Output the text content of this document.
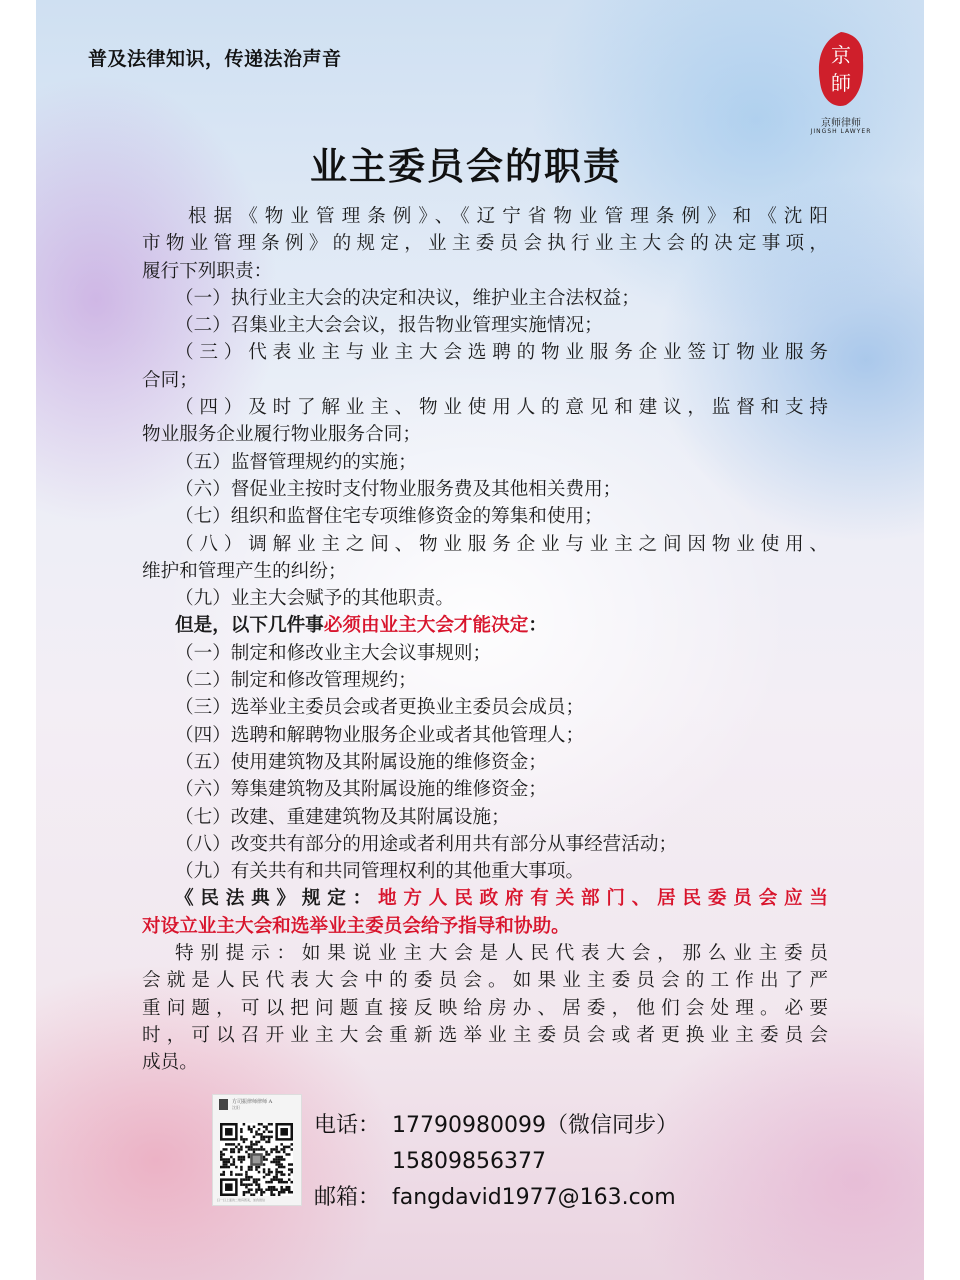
普及法律知识，传递法治声音	京
師
京师律师
JINGSH LAWYER
业主委员会的职责
根据《物业管理条例》、《辽宁省物业管理条例》和《沈阳
市物业管理条例》的规定，业主委员会执行业主大会的决定事项，
履行下列职责：
（一）执行业主大会的决定和决议，维护业主合法权益；
（二）召集业主大会会议，报告物业管理实施情况；
（三）代表业主与业主大会选聘的物业服务企业签订物业服务
合同；
（四）及时了解业主、物业使用人的意见和建议，监督和支持
物业服务企业履行物业服务合同；
（五）监督管理规约的实施；
（六）督促业主按时支付物业服务费及其他相关费用；
（七）组织和监督住宅专项维修资金的筹集和使用；
（八）调解业主之间、物业服务企业与业主之间因物业使用、
维护和管理产生的纠纷；
（九）业主大会赋予的其他职责。
但是，以下几件事必须由业主大会才能决定：
（一）制定和修改业主大会议事规则；
（二）制定和修改管理规约；
（三）选举业主委员会或者更换业主委员会成员；
（四）选聘和解聘物业服务企业或者其他管理人；
（五）使用建筑物及其附属设施的维修资金；
（六）筹集建筑物及其附属设施的维修资金；
（七）改建、重建建筑物及其附属设施；
（八）改变共有部分的用途或者利用共有部分从事经营活动；
（九）有关共有和共同管理权利的其他重大事项。
《民法典》规定：地方人民政府有关部门、居民委员会应当
对设立业主大会和选举业主委员会给予指导和协助。
特别提示：如果说业主大会是人民代表大会，那么业主委员
会就是人民代表大会中的委员会。如果业主委员会的工作出了严
重问题，可以把问题直接反映给房办、居委，他们会处理。必要
时，可以召开业主大会重新选举业主委员会或者更换业主委员会
成员。
方司振律师律师 A
沈阳
扫一扫上面的二维码图案，加我微信
电话： 17790980099（微信同步）
15809856377
邮箱： fangdavid1977@163.com
